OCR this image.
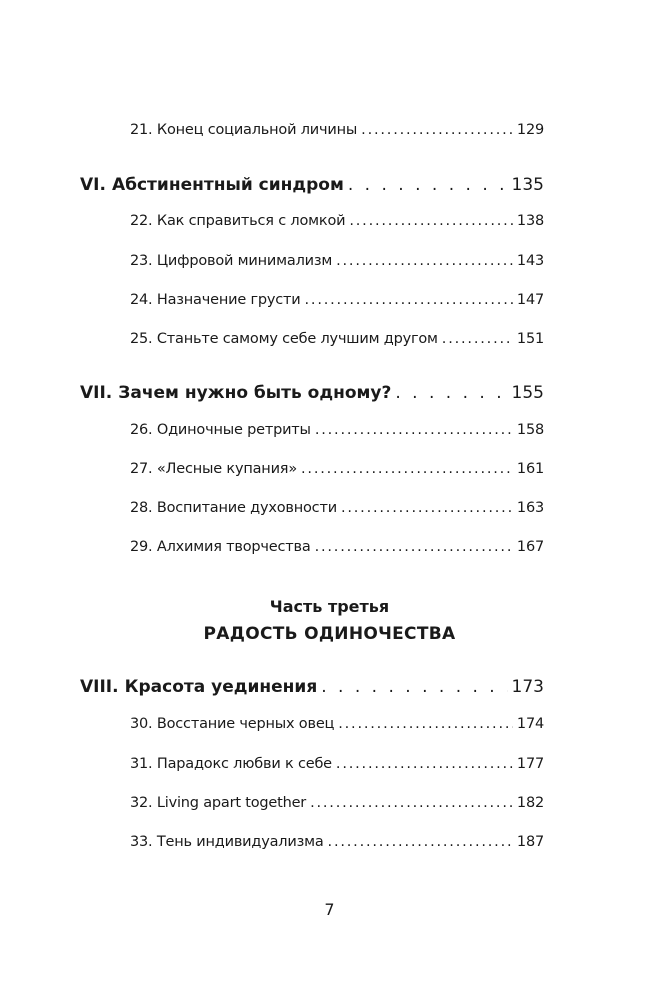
21. Конец социальной личины .....	129
VI. Абстинентный синдром . . .	135
22. Как справиться с ломкой .....	138
23. Цифровой минимализм .....	143
24. Назначение грусти .....	147
25. Станьте самому себе лучшим другом .....	151
VII. Зачем нужно быть одному? . . .	155
26. Одиночные ретриты .....	158
27. «Лесные купания» .....	161
28. Воспитание духовности .....	163
29. Алхимия творчества .....	167
Часть третья
РАДОСТЬ ОДИНОЧЕСТВА
VIII. Красота уединения . . .	173
30. Восстание черных овец .....	174
31. Парадокс любви к себе .....	177
32. Living apart together .....	182
33. Тень индивидуализма .....	187
7
